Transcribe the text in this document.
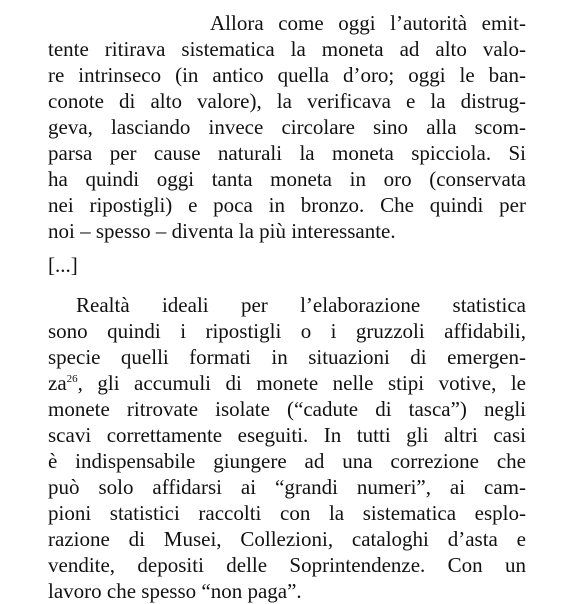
Allora come oggi l’autorità emit-
tente ritirava sistematica la moneta ad alto valo-
re intrinseco (in antico quella d’oro; oggi le ban-
conote di alto valore), la verificava e la distrug-
geva, lasciando invece circolare sino alla scom-
parsa per cause naturali la moneta spicciola. Si
ha quindi oggi tanta moneta in oro (conservata
nei ripostigli) e poca in bronzo. Che quindi per
noi – spesso – diventa la più interessante.
[...]
Realtà ideali per l’elaborazione statistica
sono quindi i ripostigli o i gruzzoli affidabili,
specie quelli formati in situazioni di emergen-
$za^{26}$, gli accumuli di monete nelle stipi votive, le
monete ritrovate isolate (“cadute di tasca”) negli
scavi correttamente eseguiti. In tutti gli altri casi
è indispensabile giungere ad una correzione che
può solo affidarsi ai “grandi numeri”, ai cam-
pioni statistici raccolti con la sistematica esplo-
razione di Musei, Collezioni, cataloghi d’asta e
vendite, depositi delle Soprintendenze. Con un
lavoro che spesso “non paga”.
